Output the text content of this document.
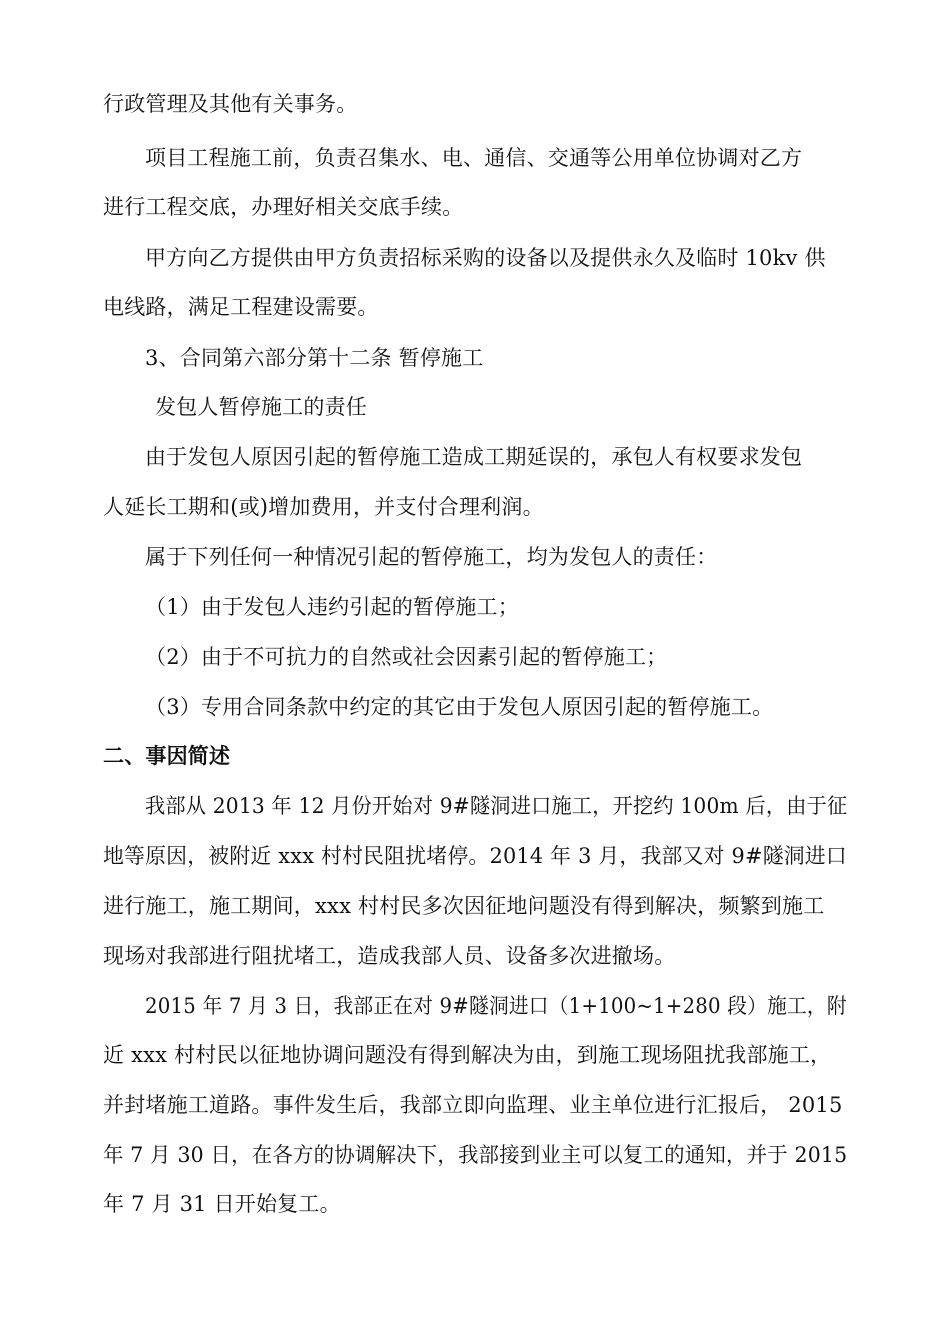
行政管理及其他有关事务。
项目工程施工前，负责召集水、电、通信、交通等公用单位协调对乙方
进行工程交底，办理好相关交底手续。
甲方向乙方提供由甲方负责招标采购的设备以及提供永久及临时 10kv 供
电线路，满足工程建设需要。
3、合同第六部分第十二条 暂停施工
发包人暂停施工的责任
由于发包人原因引起的暂停施工造成工期延误的，承包人有权要求发包
人延长工期和(或)增加费用，并支付合理利润。
属于下列任何一种情况引起的暂停施工，均为发包人的责任：
（1）由于发包人违约引起的暂停施工；
（2）由于不可抗力的自然或社会因素引起的暂停施工；
（3）专用合同条款中约定的其它由于发包人原因引起的暂停施工。
二、事因简述
我部从 2013 年 12 月份开始对 9#隧洞进口施工，开挖约 100m 后，由于征
地等原因，被附近 xxx 村村民阻扰堵停。2014 年 3 月，我部又对 9#隧洞进口
进行施工，施工期间，xxx 村村民多次因征地问题没有得到解决，频繁到施工
现场对我部进行阻扰堵工，造成我部人员、设备多次进撤场。
2015 年 7 月 3 日，我部正在对 9#隧洞进口（1+100~1+280 段）施工，附
近 xxx 村村民以征地协调问题没有得到解决为由，到施工现场阻扰我部施工，
并封堵施工道路。事件发生后，我部立即向监理、业主单位进行汇报后， 2015
年 7 月 30 日，在各方的协调解决下，我部接到业主可以复工的通知，并于 2015
年 7 月 31 日开始复工。
